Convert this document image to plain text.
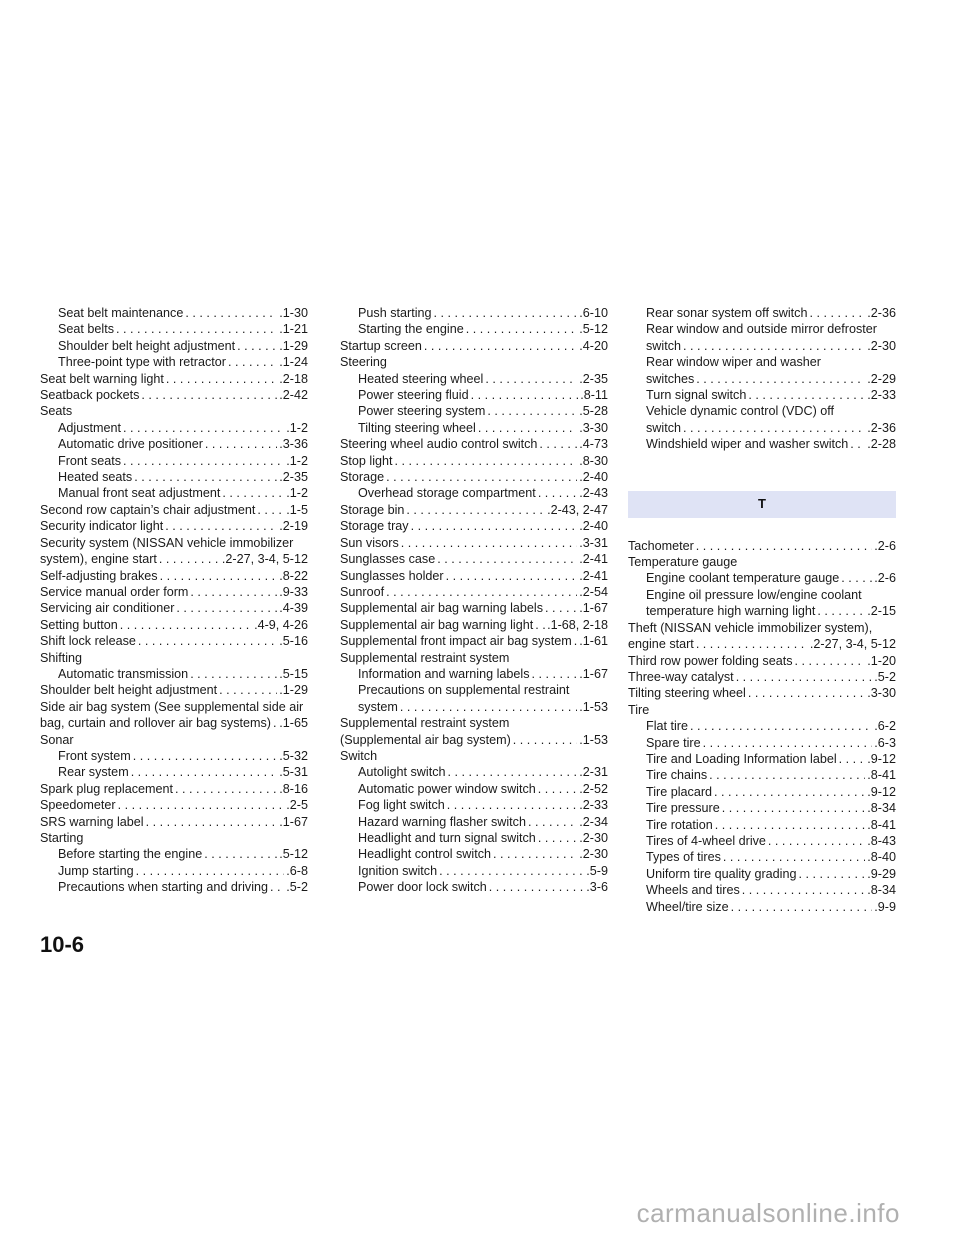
Seat belt maintenance . . .	.1-30
Seat belts . . .	.1-21
Shoulder belt height adjustment . . .	.1-29
Three-point type with retractor . . .	.1-24
Seat belt warning light . . .	.2-18
Seatback pockets . . .	.2-42
Seats
Adjustment . . .	.1-2
Automatic drive positioner . . .	.3-36
Front seats . . .	.1-2
Heated seats . . .	.2-35
Manual front seat adjustment . . .	.1-2
Second row captain’s chair adjustment . . . .1-5
Security indicator light . . .	.2-19
Security system (NISSAN vehicle immobilizer
system), engine start . . .	.2-27, 3-4, 5-12
Self-adjusting brakes . . .	.8-22
Service manual order form . . .	.9-33
Servicing air conditioner . . .	.4-39
Setting button . . .	.4-9, 4-26
Shift lock release . . .	.5-16
Shifting
Automatic transmission . . .	.5-15
Shoulder belt height adjustment . . .	.1-29
Side air bag system (See supplemental side air
bag, curtain and rollover air bag systems) . . . .1-65
Sonar
Front system . . .	.5-32
Rear system . . .	.5-31
Spark plug replacement . . .	.8-16
Speedometer . . .	.2-5
SRS warning label . . .	.1-67
Starting
Before starting the engine . . .	.5-12
Jump starting . . .	.6-8
Precautions when starting and driving . . . .5-2
Push starting . . .	.6-10
Starting the engine . . .	.5-12
Startup screen . . .	.4-20
Steering
Heated steering wheel . . .	.2-35
Power steering fluid . . .	.8-11
Power steering system . . .	.5-28
Tilting steering wheel . . .	.3-30
Steering wheel audio control switch . . .	.4-73
Stop light . . .	.8-30
Storage . . .	.2-40
Overhead storage compartment . . .	.2-43
Storage bin . . .	.2-43, 2-47
Storage tray . . .	.2-40
Sun visors . . .	.3-31
Sunglasses case . . .	.2-41
Sunglasses holder . . .	.2-41
Sunroof . . .	.2-54
Supplemental air bag warning labels . . .	.1-67
Supplemental air bag warning light . . . .1-68, 2-18
Supplemental front impact air bag system . . . .1-61
Supplemental restraint system
Information and warning labels . . .	.1-67
Precautions on supplemental restraint
system . . .	.1-53
Supplemental restraint system
(Supplemental air bag system) . . .	.1-53
Switch
Autolight switch . . .	.2-31
Automatic power window switch . . .	.2-52
Fog light switch . . .	.2-33
Hazard warning flasher switch . . .	.2-34
Headlight and turn signal switch . . .	.2-30
Headlight control switch . . .	.2-30
Ignition switch . . .	.5-9
Power door lock switch . . .	.3-6
Rear sonar system off switch . . .	.2-36
Rear window and outside mirror defroster
switch . . .	.2-30
Rear window wiper and washer
switches . . .	.2-29
Turn signal switch . . .	.2-33
Vehicle dynamic control (VDC) off
switch . . .	.2-36
Windshield wiper and washer switch . . . .2-28
T
Tachometer . . .	.2-6
Temperature gauge
Engine coolant temperature gauge . . .	.2-6
Engine oil pressure low/engine coolant
temperature high warning light . . .	.2-15
Theft (NISSAN vehicle immobilizer system),
engine start . . .	.2-27, 3-4, 5-12
Third row power folding seats . . .	.1-20
Three-way catalyst . . .	.5-2
Tilting steering wheel . . .	.3-30
Tire
Flat tire . . .	.6-2
Spare tire . . .	.6-3
Tire and Loading Information label . . . .9-12
Tire chains . . .	.8-41
Tire placard . . .	.9-12
Tire pressure . . .	.8-34
Tire rotation . . .	.8-41
Tires of 4-wheel drive . . .	.8-43
Types of tires . . .	.8-40
Uniform tire quality grading . . .	.9-29
Wheels and tires . . .	.8-34
Wheel/tire size . . .	.9-9
10-6
carmanualsonline.info
